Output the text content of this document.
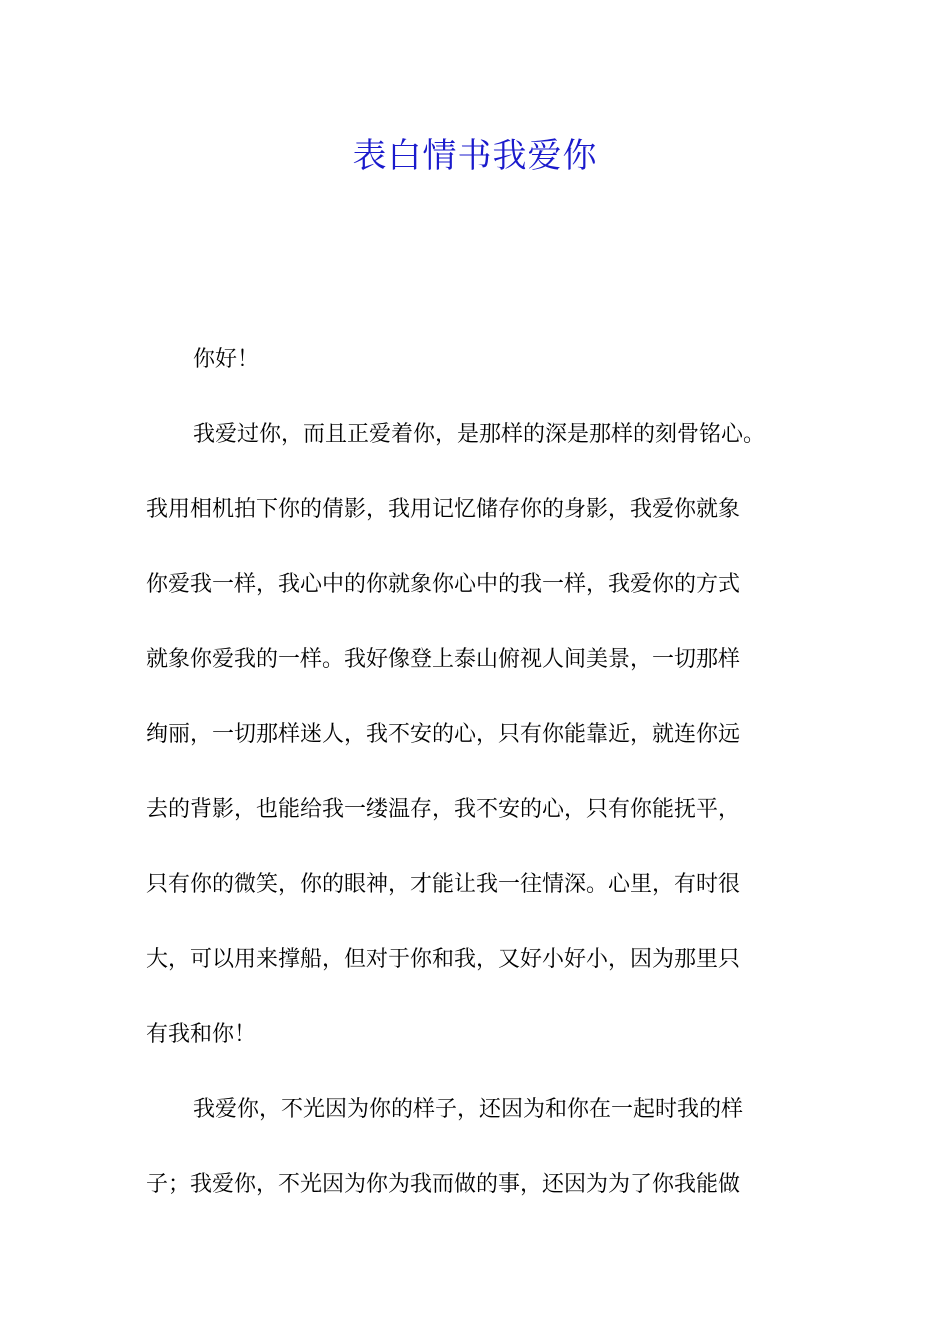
表白情书我爱你
你好！
我爱过你，而且正爱着你，是那样的深是那样的刻骨铭心。
我用相机拍下你的倩影，我用记忆储存你的身影，我爱你就象
你爱我一样，我心中的你就象你心中的我一样，我爱你的方式
就象你爱我的一样。我好像登上泰山俯视人间美景，一切那样
绚丽，一切那样迷人，我不安的心，只有你能靠近，就连你远
去的背影，也能给我一缕温存，我不安的心，只有你能抚平，
只有你的微笑，你的眼神，才能让我一往情深。心里，有时很
大，可以用来撑船，但对于你和我，又好小好小，因为那里只
有我和你！
我爱你，不光因为你的样子，还因为和你在一起时我的样
子；我爱你，不光因为你为我而做的事，还因为为了你我能做
